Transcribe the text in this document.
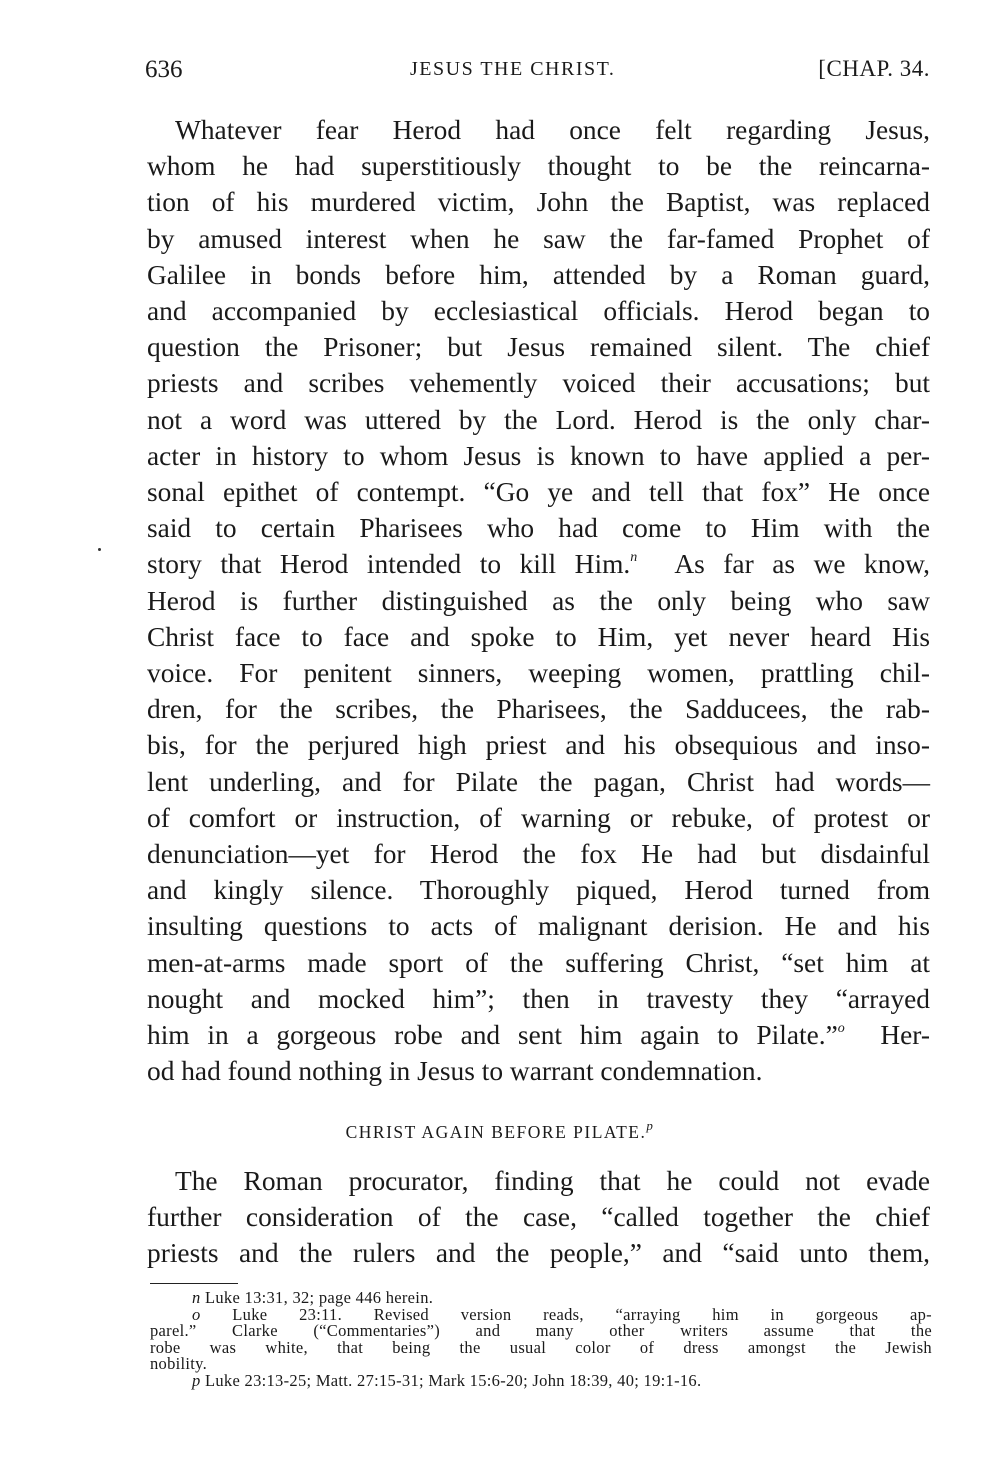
636	JESUS THE CHRIST.	[CHAP. 34.
Whatever fear Herod had once felt regarding Jesus,
whom he had superstitiously thought to be the reincarna-
tion of his murdered victim, John the Baptist, was replaced
by amused interest when he saw the far-famed Prophet of
Galilee in bonds before him, attended by a Roman guard,
and accompanied by ecclesiastical officials. Herod began to
question the Prisoner; but Jesus remained silent. The chief
priests and scribes vehemently voiced their accusations; but
not a word was uttered by the Lord. Herod is the only char-
acter in history to whom Jesus is known to have applied a per-
sonal epithet of contempt. “Go ye and tell that fox” He once
said to certain Pharisees who had come to Him with the
story that Herod intended to kill Him.$^n$ As far as we know,
Herod is further distinguished as the only being who saw
Christ face to face and spoke to Him, yet never heard His
voice. For penitent sinners, weeping women, prattling chil-
dren, for the scribes, the Pharisees, the Sadducees, the rab-
bis, for the perjured high priest and his obsequious and inso-
lent underling, and for Pilate the pagan, Christ had words—
of comfort or instruction, of warning or rebuke, of protest or
denunciation—yet for Herod the fox He had but disdainful
and kingly silence. Thoroughly piqued, Herod turned from
insulting questions to acts of malignant derision. He and his
men-at-arms made sport of the suffering Christ, “set him at
nought and mocked him”; then in travesty they “arrayed
him in a gorgeous robe and sent him again to Pilate.”$^o$ Her-
od had found nothing in Jesus to warrant condemnation.
CHRIST AGAIN BEFORE PILATE.$^p$
The Roman procurator, finding that he could not evade
further consideration of the case, “called together the chief
priests and the rulers and the people,” and “said unto them,
n Luke 13:31, 32; page 446 herein.
o Luke 23:11. Revised version reads, “arraying him in gorgeous ap-
parel.” Clarke (“Commentaries”) and many other writers assume that the
robe was white, that being the usual color of dress amongst the Jewish
nobility.
p Luke 23:13-25; Matt. 27:15-31; Mark 15:6-20; John 18:39, 40; 19:1-16.
